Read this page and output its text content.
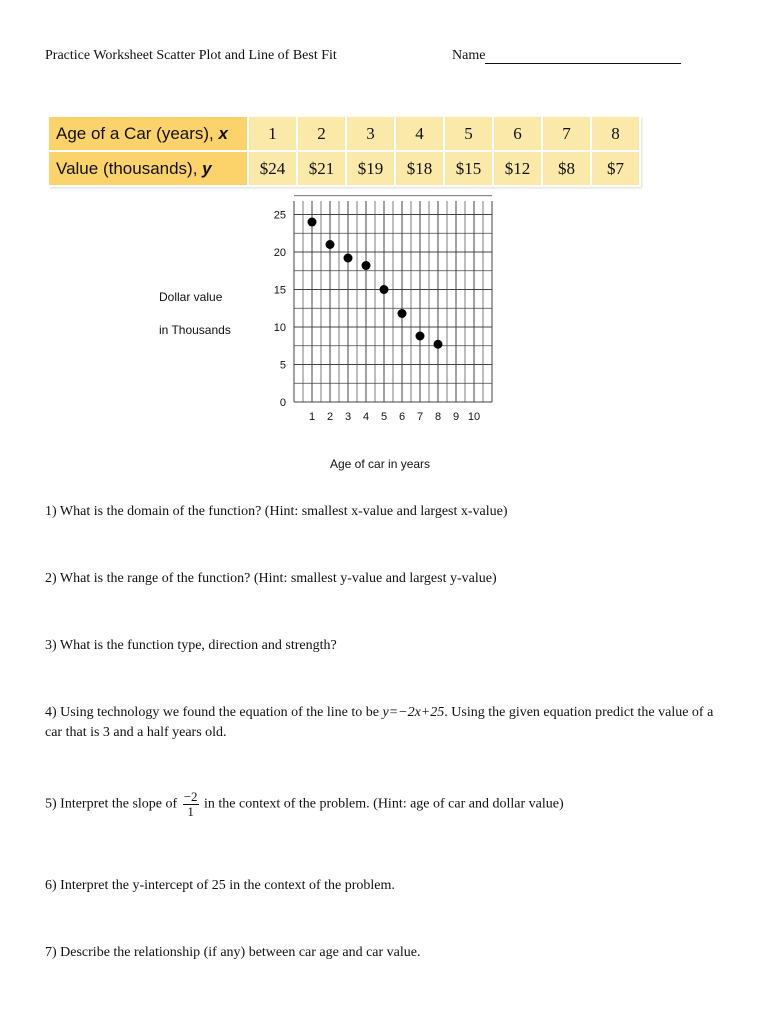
Practice Worksheet Scatter Plot and Line of Best Fit	Name
Age of a Car (years), x	1	2	3	4	5	6	7	8
Value (thousands), y	$24	$21	$19	$18	$15	$12	$8	$7
Dollar value
in Thousands
0
5
10
15
20
25
1 2 3 4 5 6 7 8 9 10
Age of car in years
1) What is the domain of the function? (Hint: smallest x-value and largest x-value)
2) What is the range of the function? (Hint: smallest y-value and largest y-value)
3) What is the function type, direction and strength?
4) Using technology we found the equation of the line to be y=−2x+25. Using the given equation predict the value of a car that is 3 and a half years old.
5) Interpret the slope of $\frac{-2}{1}$ in the context of the problem. (Hint: age of car and dollar value)
6) Interpret the y-intercept of 25 in the context of the problem.
7) Describe the relationship (if any) between car age and car value.
